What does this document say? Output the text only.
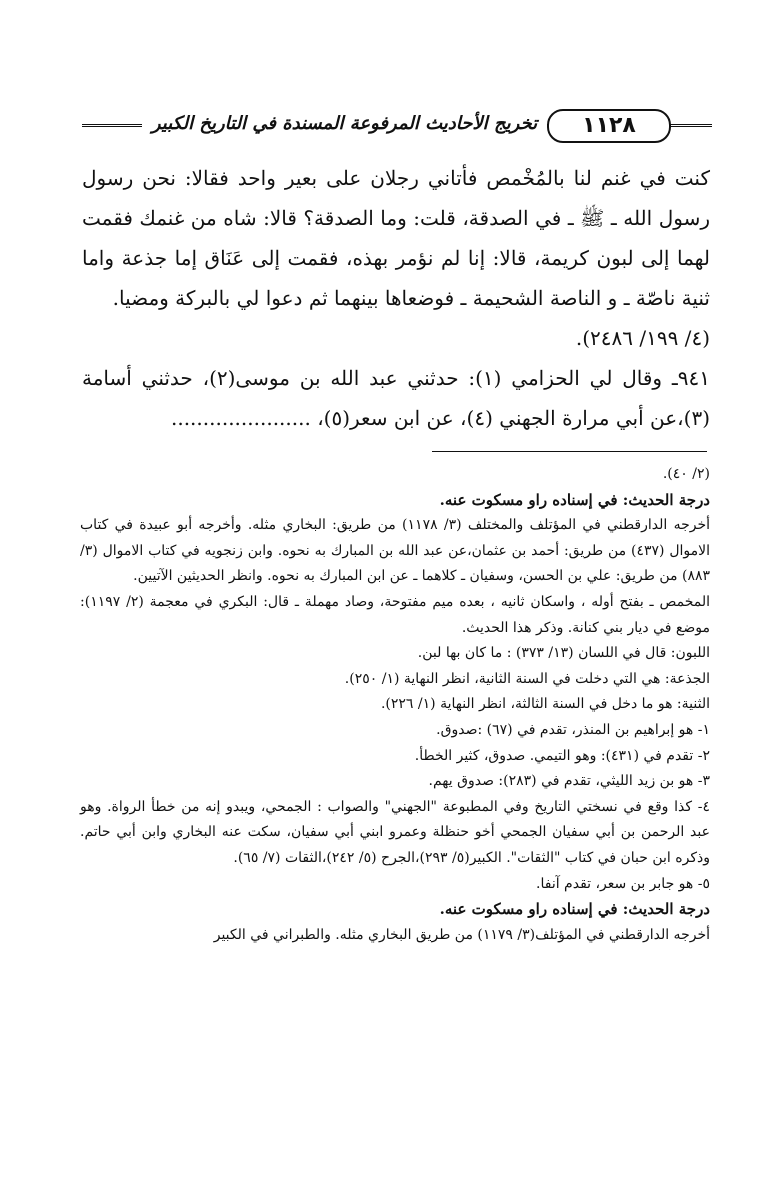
تخريج الأحاديث المرفوعة المسندة في التاريخ الكبير	١١٢٨

كنت في غنم لنا بالمُخْمص فأتاني رجلان على بعير واحد فقالا: نحن رسول رسول الله ـ ﷺ ـ في الصدقة، قلت: وما الصدقة؟ قالا: شاه من غنمك فقمت لهما إلى لبون كريمة، قالا: إنا لم نؤمر بهذه، فقمت إلى عَنَاق إما جذعة واما ثنية ناصّة ـ و الناصة الشحيمة ـ فوضعاها بينهما ثم دعوا لي بالبركة ومضيا.

(٤/ ١٩٩/ ٢٤٨٦).

٩٤١ـ وقال لي الحزامي (١): حدثني عبد الله بن موسى(٢)، حدثني أسامة (٣)،عن أبي مرارة الجهني (٤)، عن ابن سعر(٥)، ......................

(٢/ ٤٠).
درجة الحديث: في إسناده راو مسكوت عنه.
أخرجه الدارقطني في المؤتلف والمختلف (٣/ ١١٧٨) من طريق: البخاري مثله. وأخرجه أبو عبيدة في كتاب الاموال (٤٣٧) من طريق: أحمد بن عثمان،عن عبد الله بن المبارك به نحوه. وابن زنجويه في كتاب الاموال (٣/ ٨٨٣) من طريق: علي بن الحسن، وسفيان ـ كلاهما ـ عن ابن المبارك به نحوه. وانظر الحديثين الآتيين.
المخمص ـ بفتح أوله ، واسكان ثانيه ، بعده ميم مفتوحة، وصاد مهملة ـ قال: البكري في معجمة (٢/ ١١٩٧): موضع في ديار بني كنانة. وذكر هذا الحديث.
اللبون: قال في اللسان (١٣/ ٣٧٣) : ما كان بها لبن.
الجذعة: هي التي دخلت في السنة الثانية، انظر النهاية (١/ ٢٥٠).
الثنية: هو ما دخل في السنة الثالثة، انظر النهاية (١/ ٢٢٦).
١- هو إبراهيم بن المنذر، تقدم في (٦٧) :صدوق.
٢- تقدم في (٤٣١): وهو التيمي. صدوق، كثير الخطأ.
٣- هو بن زيد الليثي، تقدم في (٢٨٣): صدوق يهم.
٤- كذا وقع في نسختي التاريخ وفي المطبوعة "الجهني" والصواب : الجمحي، ويبدو إنه من خطأ الرواة. وهو عبد الرحمن بن أبي سفيان الجمحي أخو حنظلة وعمرو ابني أبي سفيان، سكت عنه البخاري وابن أبي حاتم. وذكره ابن حبان في كتاب "الثقات". الكبير(٥/ ٢٩٣)،الجرح (٥/ ٢٤٢)،الثقات (٧/ ٦٥).
٥- هو جابر بن سعر، تقدم آنفا.
درجة الحديث: في إسناده راو مسكوت عنه.
أخرجه الدارقطني في المؤتلف(٣/ ١١٧٩) من طريق البخاري مثله. والطبراني في الكبير
